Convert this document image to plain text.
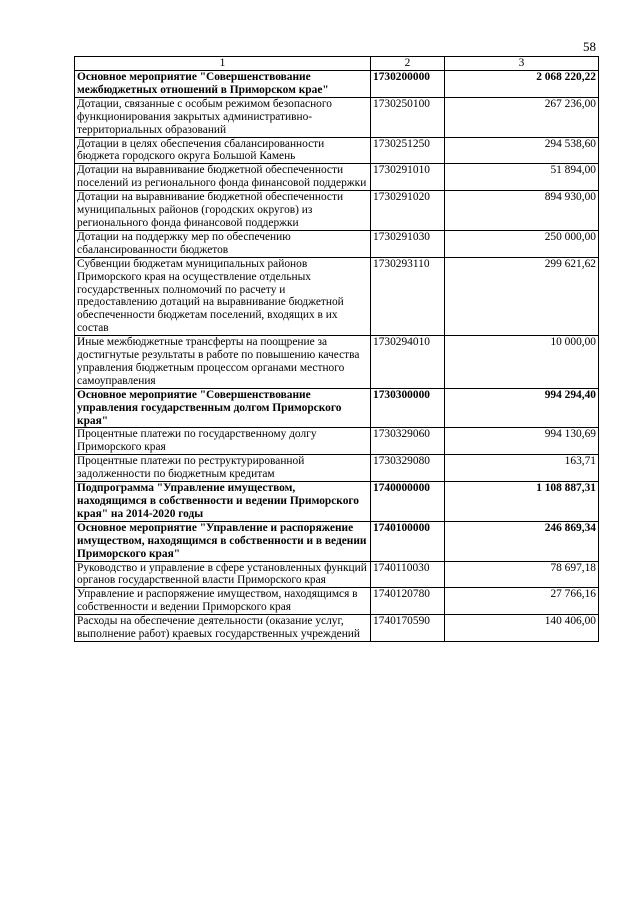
58
1	2	3
Основное мероприятие "Совершенствование межбюджетных отношений в Приморском крае"	1730200000	2 068 220,22
Дотации, связанные с особым режимом безопасного функционирования закрытых административно-территориальных образований	1730250100	267 236,00
Дотации в целях обеспечения сбалансированности бюджета городского округа Большой Камень	1730251250	294 538,60
Дотации на выравнивание бюджетной обеспеченности поселений из регионального фонда финансовой поддержки	1730291010	51 894,00
Дотации на выравнивание бюджетной обеспеченности муниципальных районов (городских округов) из регионального фонда финансовой поддержки	1730291020	894 930,00
Дотации на поддержку мер по обеспечению сбалансированности бюджетов	1730291030	250 000,00
Субвенции бюджетам муниципальных районов Приморского края на осуществление отдельных государственных полномочий по расчету и предоставлению дотаций на выравнивание бюджетной обеспеченности бюджетам поселений, входящих в их состав	1730293110	299 621,62
Иные межбюджетные трансферты на поощрение за достигнутые результаты в работе по повышению качества управления бюджетным процессом органами местного самоуправления	1730294010	10 000,00
Основное мероприятие "Совершенствование управления государственным долгом Приморского края"	1730300000	994 294,40
Процентные платежи по государственному долгу Приморского края	1730329060	994 130,69
Процентные платежи по реструктурированной задолженности по бюджетным кредитам	1730329080	163,71
Подпрограмма "Управление имуществом, находящимся в собственности и ведении Приморского края" на 2014-2020 годы	1740000000	1 108 887,31
Основное мероприятие "Управление и распоряжение имуществом, находящимся в собственности и в ведении Приморского края"	1740100000	246 869,34
Руководство и управление в сфере установленных функций органов государственной власти Приморского края	1740110030	78 697,18
Управление и распоряжение имуществом, находящимся в собственности и ведении Приморского края	1740120780	27 766,16
Расходы на обеспечение деятельности (оказание услуг, выполнение работ) краевых государственных учреждений	1740170590	140 406,00
